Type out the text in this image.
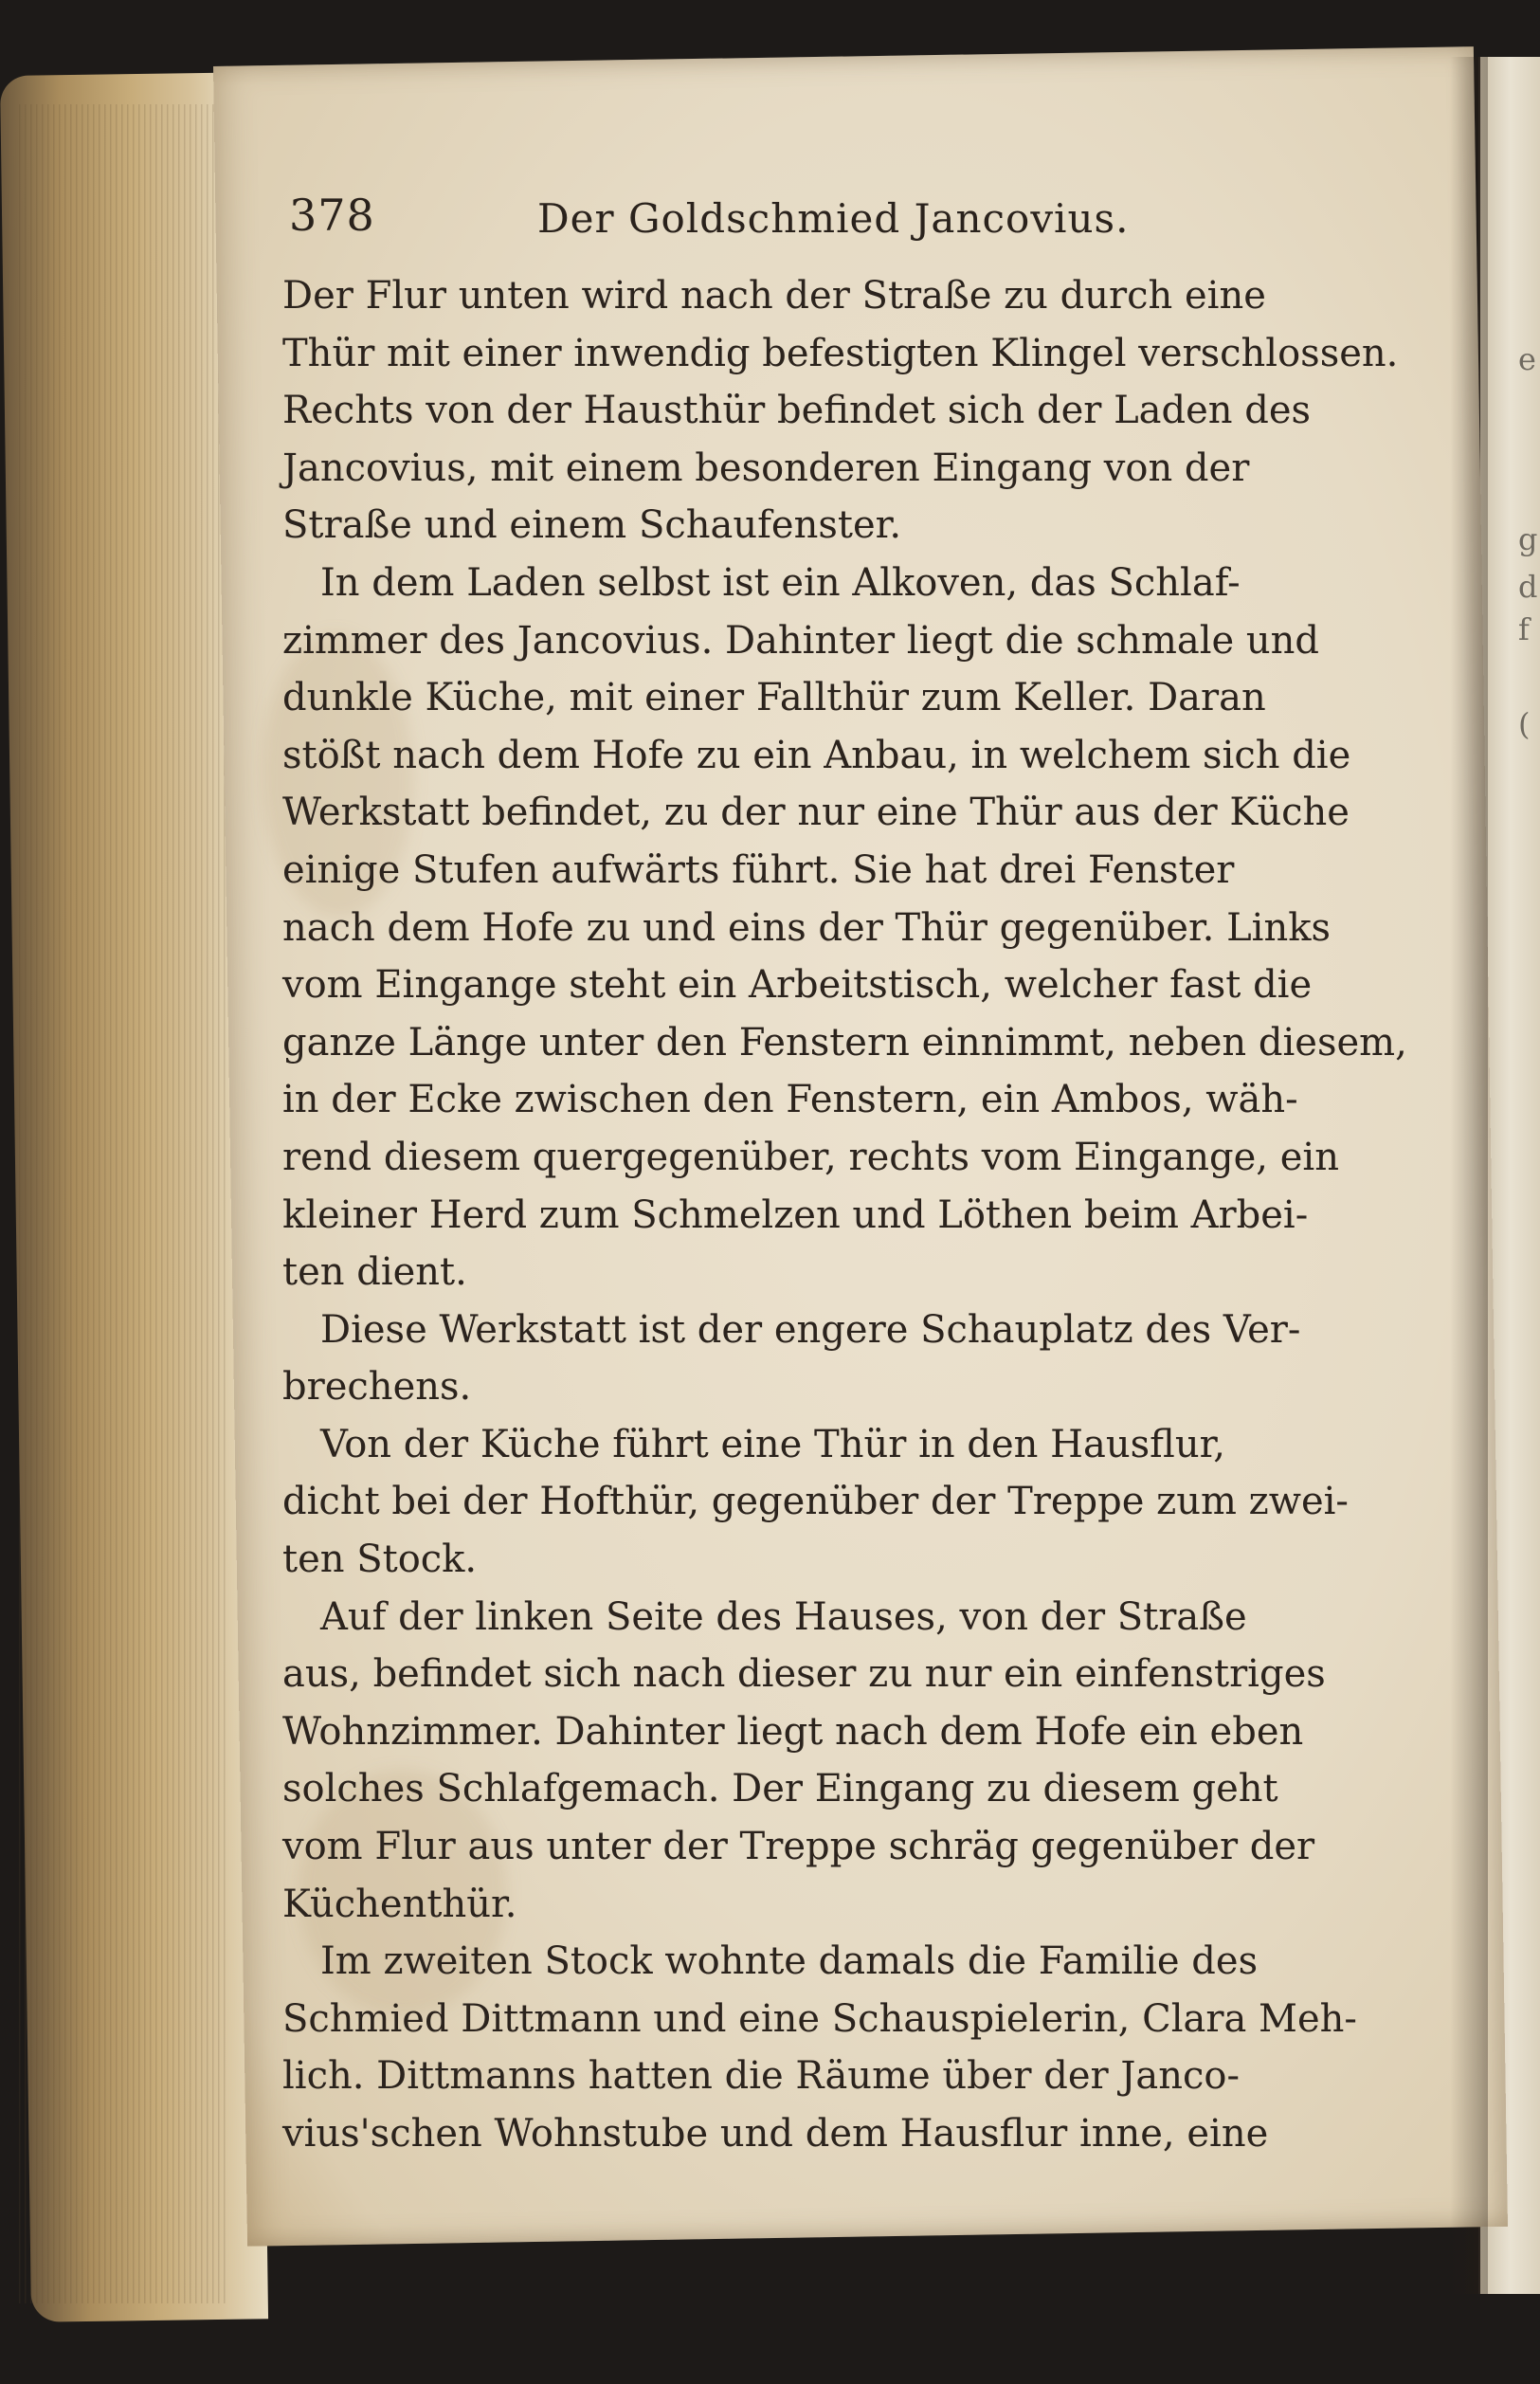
e
g
d
f
(
378	Der Goldschmied Jancovius.
Der Flur unten wird nach der Straße zu durch eine
Thür mit einer inwendig befestigten Klingel verschlossen.
Rechts von der Hausthür befindet sich der Laden des
Jancovius, mit einem besonderen Eingang von der
Straße und einem Schaufenster.
In dem Laden selbst ist ein Alkoven, das Schlaf-
zimmer des Jancovius. Dahinter liegt die schmale und
dunkle Küche, mit einer Fallthür zum Keller. Daran
stößt nach dem Hofe zu ein Anbau, in welchem sich die
Werkstatt befindet, zu der nur eine Thür aus der Küche
einige Stufen aufwärts führt. Sie hat drei Fenster
nach dem Hofe zu und eins der Thür gegenüber. Links
vom Eingange steht ein Arbeitstisch, welcher fast die
ganze Länge unter den Fenstern einnimmt, neben diesem,
in der Ecke zwischen den Fenstern, ein Ambos, wäh-
rend diesem quergegenüber, rechts vom Eingange, ein
kleiner Herd zum Schmelzen und Löthen beim Arbei-
ten dient.
Diese Werkstatt ist der engere Schauplatz des Ver-
brechens.
Von der Küche führt eine Thür in den Hausflur,
dicht bei der Hofthür, gegenüber der Treppe zum zwei-
ten Stock.
Auf der linken Seite des Hauses, von der Straße
aus, befindet sich nach dieser zu nur ein einfenstriges
Wohnzimmer. Dahinter liegt nach dem Hofe ein eben
solches Schlafgemach. Der Eingang zu diesem geht
vom Flur aus unter der Treppe schräg gegenüber der
Küchenthür.
Im zweiten Stock wohnte damals die Familie des
Schmied Dittmann und eine Schauspielerin, Clara Meh-
lich. Dittmanns hatten die Räume über der Janco-
vius'schen Wohnstube und dem Hausflur inne, eine
